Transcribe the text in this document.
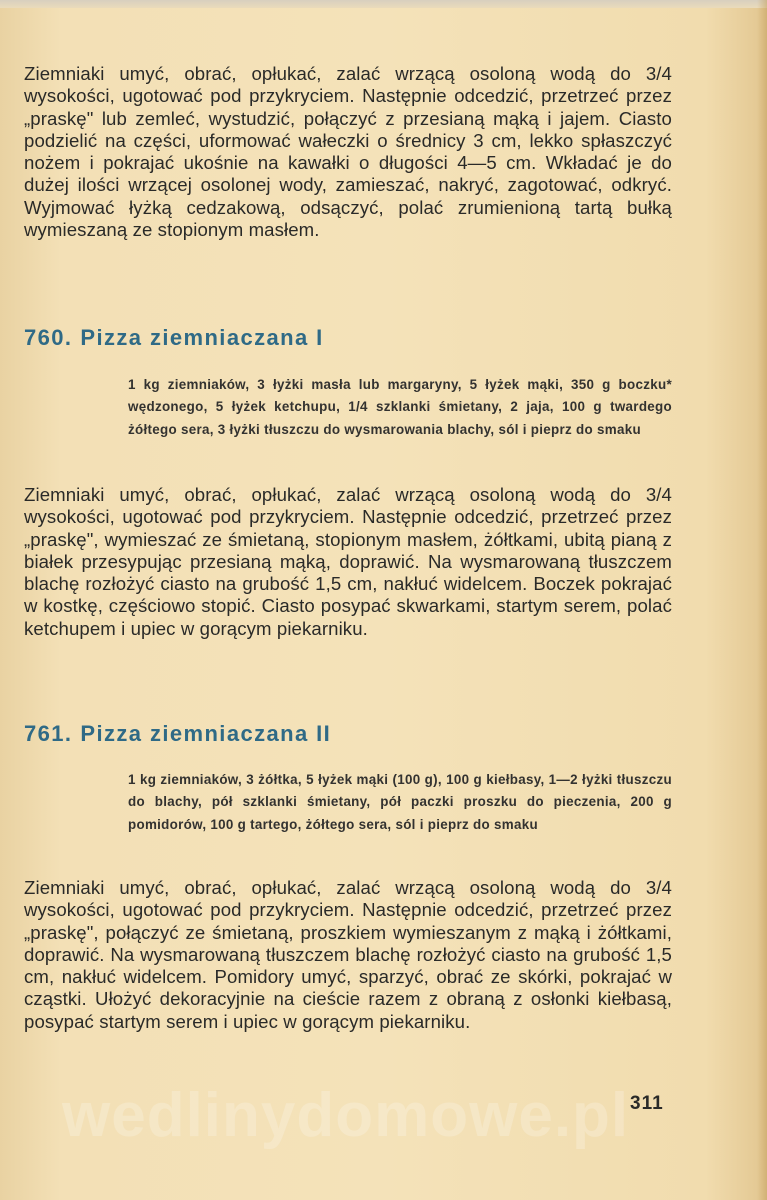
Ziemniaki umyć, obrać, opłukać, zalać wrzącą osoloną wodą do 3/4 wysokości, ugotować pod przykryciem. Następnie odcedzić, przetrzeć przez „praskę" lub zemleć, wystudzić, połączyć z przesianą mąką i jajem. Ciasto podzielić na części, uformować wałeczki o średnicy 3 cm, lekko spłaszczyć nożem i pokrajać ukośnie na kawałki o długości 4—5 cm. Wkładać je do dużej ilości wrzącej osolonej wody, zamieszać, nakryć, zagotować, odkryć. Wyjmować łyżką cedzakową, odsączyć, polać zrumienioną tartą bułką wymieszaną ze stopionym masłem.

760. Pizza ziemniaczana I

1 kg ziemniaków, 3 łyżki masła lub margaryny, 5 łyżek mąki, 350 g boczku* wędzonego, 5 łyżek ketchupu, 1/4 szklanki śmietany, 2 jaja, 100 g twardego żółtego sera, 3 łyżki tłuszczu do wysmarowania blachy, sól i pieprz do smaku

Ziemniaki umyć, obrać, opłukać, zalać wrzącą osoloną wodą do 3/4 wysokości, ugotować pod przykryciem. Następnie odcedzić, przetrzeć przez „praskę", wymieszać ze śmietaną, stopionym masłem, żółtkami, ubitą pianą z białek przesypując przesianą mąką, doprawić. Na wysmarowaną tłuszczem blachę rozłożyć ciasto na grubość 1,5 cm, nakłuć widelcem. Boczek pokrajać w kostkę, częściowo stopić. Ciasto posypać skwarkami, startym serem, polać ketchupem i upiec w gorącym piekarniku.

761. Pizza ziemniaczana II

1 kg ziemniaków, 3 żółtka, 5 łyżek mąki (100 g), 100 g kiełbasy, 1—2 łyżki tłuszczu do blachy, pół szklanki śmietany, pół paczki proszku do pieczenia, 200 g pomidorów, 100 g tartego, żółtego sera, sól i pieprz do smaku

Ziemniaki umyć, obrać, opłukać, zalać wrzącą osoloną wodą do 3/4 wysokości, ugotować pod przykryciem. Następnie odcedzić, przetrzeć przez „praskę", połączyć ze śmietaną, proszkiem wymieszanym z mąką i żółtkami, doprawić. Na wysmarowaną tłuszczem blachę rozłożyć ciasto na grubość 1,5 cm, nakłuć widelcem. Pomidory umyć, sparzyć, obrać ze skórki, pokrajać w cząstki. Ułożyć dekoracyjnie na cieście razem z obraną z osłonki kiełbasą, posypać startym serem i upiec w gorącym piekarniku.

wedlinydomowe.pl 311
